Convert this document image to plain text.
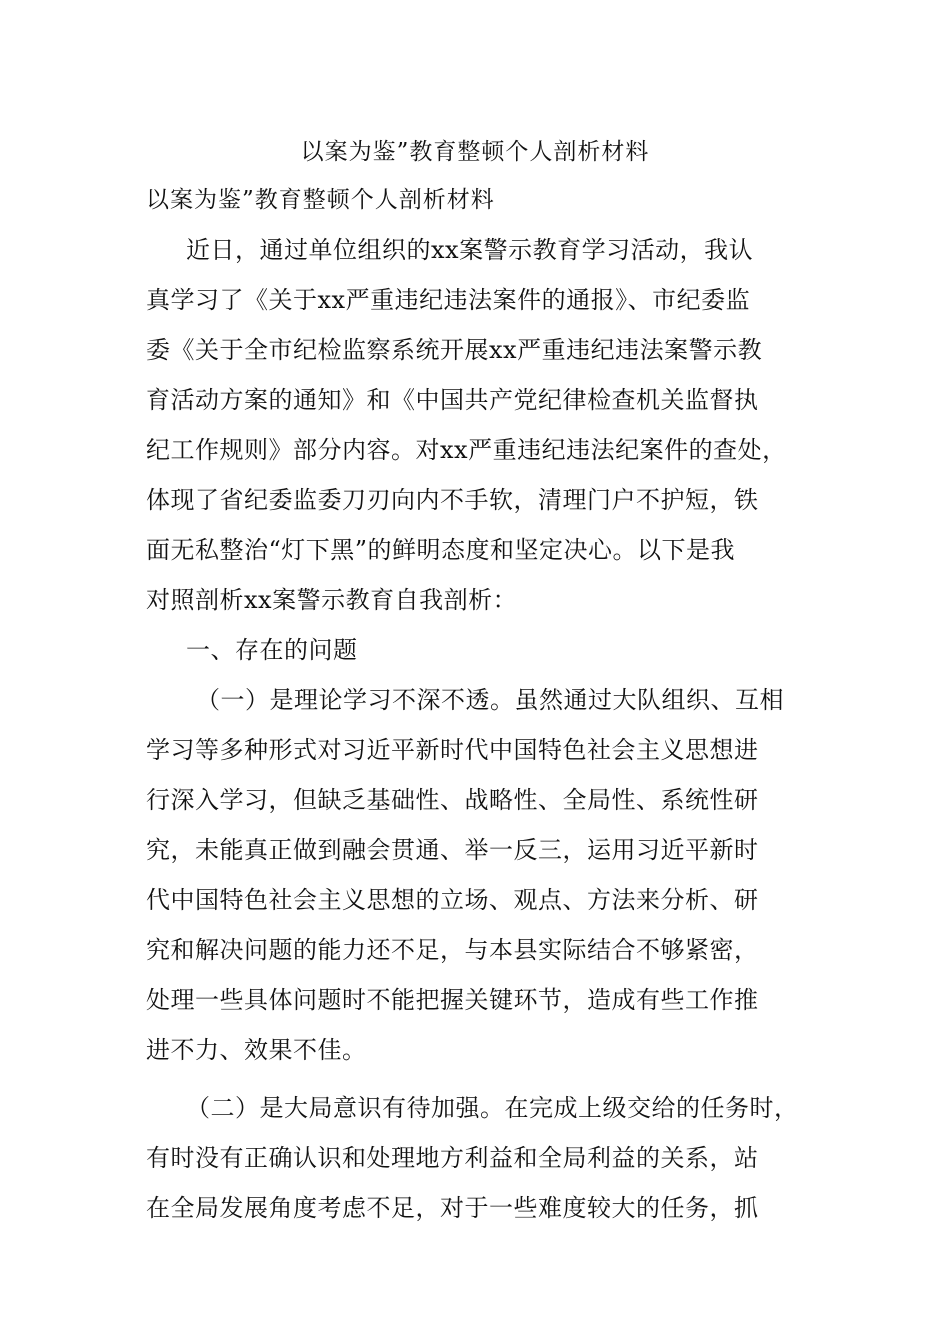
以案为鉴”教育整顿个人剖析材料
以案为鉴”教育整顿个人剖析材料
近日，通过单位组织的xx案警示教育学习活动，我认
真学习了《关于xx严重违纪违法案件的通报》、市纪委监
委《关于全市纪检监察系统开展xx严重违纪违法案警示教
育活动方案的通知》和《中国共产党纪律检查机关监督执
纪工作规则》部分内容。对xx严重违纪违法纪案件的查处，
体现了省纪委监委刀刃向内不手软，清理门户不护短，铁
面无私整治“灯下黑”的鲜明态度和坚定决心。以下是我
对照剖析xx案警示教育自我剖析：
一、存在的问题
（一）是理论学习不深不透。虽然通过大队组织、互相
学习等多种形式对习近平新时代中国特色社会主义思想进
行深入学习，但缺乏基础性、战略性、全局性、系统性研
究，未能真正做到融会贯通、举一反三，运用习近平新时
代中国特色社会主义思想的立场、观点、方法来分析、研
究和解决问题的能力还不足，与本县实际结合不够紧密，
处理一些具体问题时不能把握关键环节，造成有些工作推
进不力、效果不佳。
（二）是大局意识有待加强。在完成上级交给的任务时，
有时没有正确认识和处理地方利益和全局利益的关系，站
在全局发展角度考虑不足，对于一些难度较大的任务，抓
